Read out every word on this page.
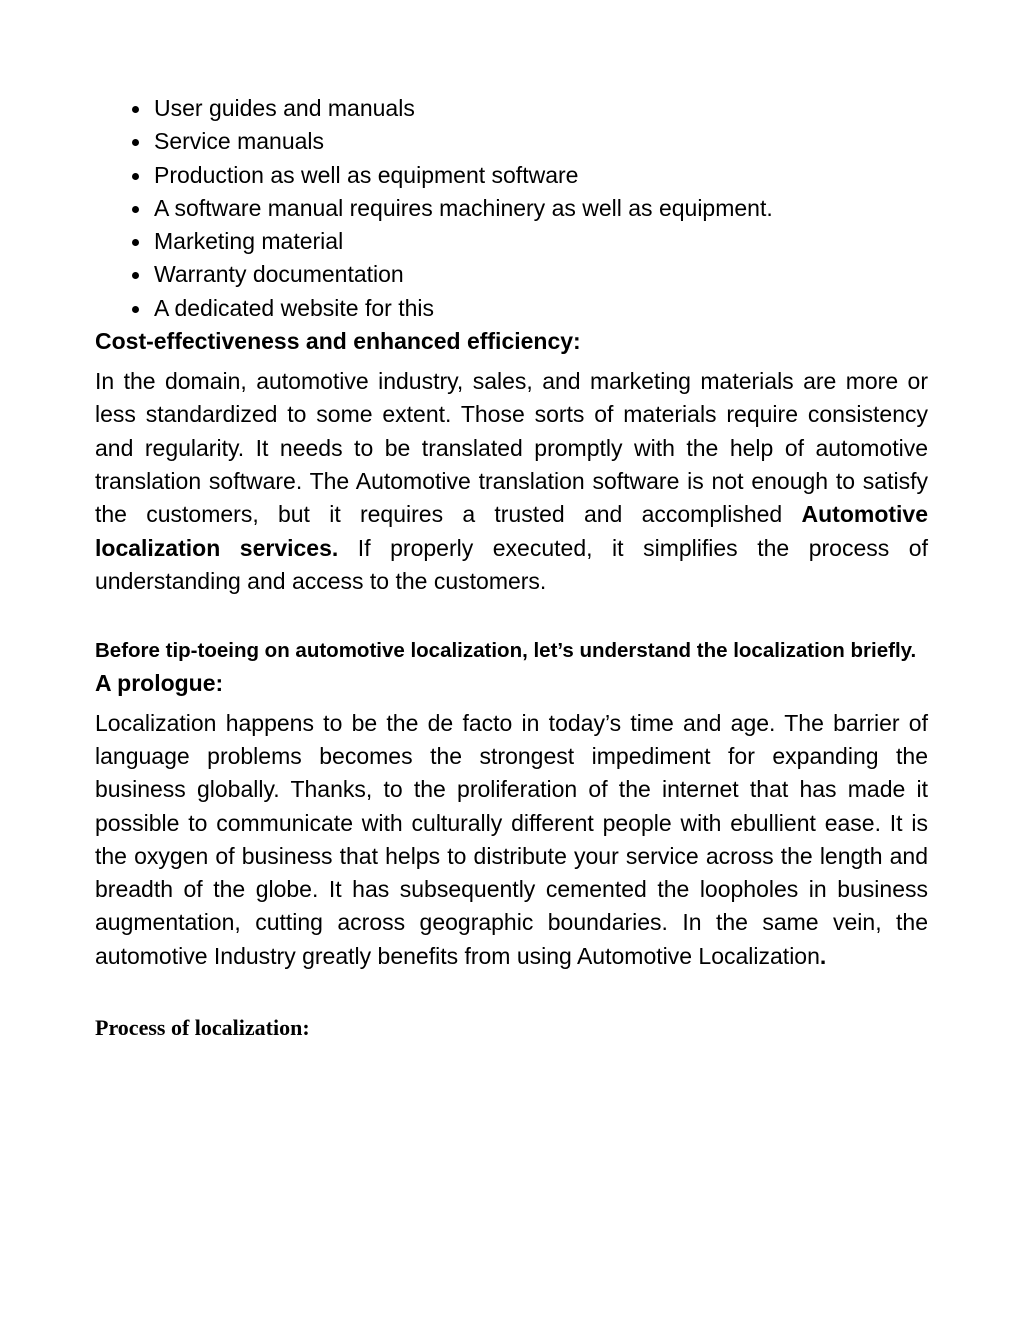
User guides and manuals
Service manuals
Production as well as equipment software
A software manual requires machinery as well as equipment.
Marketing material
Warranty documentation
A dedicated website for this
Cost-effectiveness and enhanced efficiency:

In the domain, automotive industry, sales, and marketing materials are more or less standardized to some extent. Those sorts of materials require consistency and regularity. It needs to be translated promptly with the help of automotive translation software. The Automotive translation software is not enough to satisfy the customers, but it requires a trusted and accomplished Automotive localization services. If properly executed, it simplifies the process of understanding and access to the customers.

Before tip-toeing on automotive localization, let’s understand the localization briefly.

A prologue:

Localization happens to be the de facto in today’s time and age. The barrier of language problems becomes the strongest impediment for expanding the business globally. Thanks, to the proliferation of the internet that has made it possible to communicate with culturally different people with ebullient ease. It is the oxygen of business that helps to distribute your service across the length and breadth of the globe. It has subsequently cemented the loopholes in business augmentation, cutting across geographic boundaries. In the same vein, the automotive Industry greatly benefits from using Automotive Localization.

Process of localization:
